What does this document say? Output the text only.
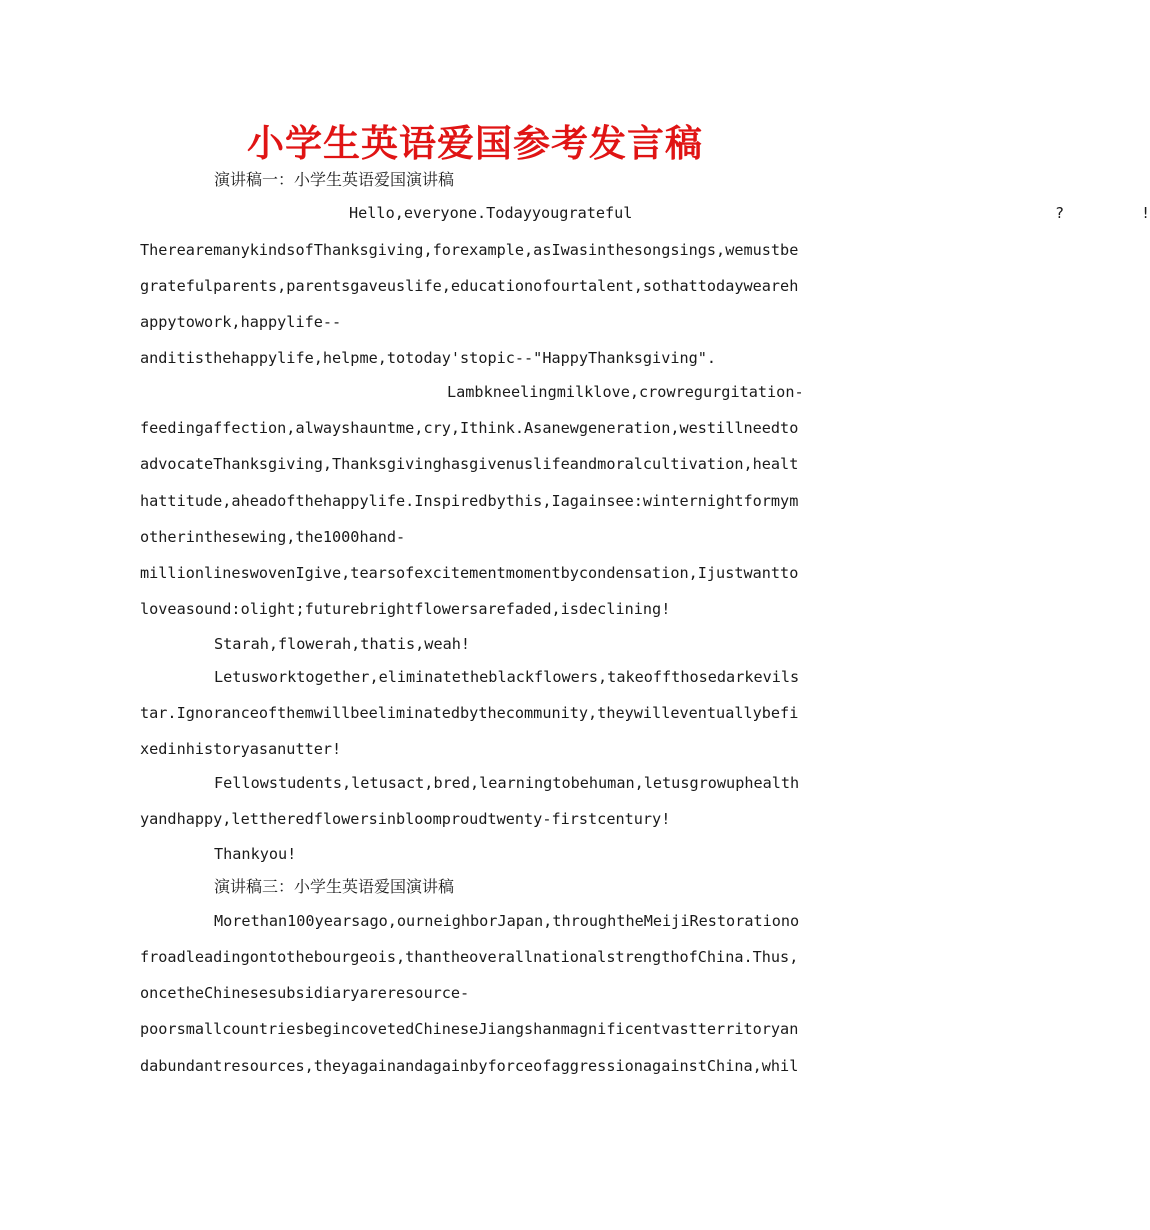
小学生英语爱国参考发言稿
演讲稿一：小学生英语爱国演讲稿
Hello,everyone.Todayyougrateful	?	!
TherearemanykindsofThanksgiving,forexample,asIwasinthesongsings,wemustbe
gratefulparents,parentsgaveuslife,educationofourtalent,sothattodayweareh
appytowork,happylife--
anditisthehappylife,helpme,totoday'stopic--"HappyThanksgiving".
Lambkneelingmilklove,crowregurgitation-
feedingaffection,alwayshauntme,cry,Ithink.Asanewgeneration,westillneedto
advocateThanksgiving,Thanksgivinghasgivenuslifeandmoralcultivation,healt
hattitude,aheadofthehappylife.Inspiredbythis,Iagainsee:winternightformym
otherinthesewing,the1000hand-
millionlineswovenIgive,tearsofexcitementmomentbycondensation,Ijustwantto
loveasound:olight;futurebrightflowersarefaded,isdeclining!
Starah,flowerah,thatis,weah!
Letusworktogether,eliminatetheblackflowers,takeoffthosedarkevils
tar.Ignoranceofthemwillbeeliminatedbythecommunity,theywilleventuallybefi
xedinhistoryasanutter!
Fellowstudents,letusact,bred,learningtobehuman,letusgrowuphealth
yandhappy,lettheredflowersinbloomproudtwenty-firstcentury!
Thankyou!
演讲稿三：小学生英语爱国演讲稿
Morethan100yearsago,ourneighborJapan,throughtheMeijiRestorationo
froadleadingontothebourgeois,thantheoverallnationalstrengthofChina.Thus,
oncetheChinesesubsidiaryareresource-
poorsmallcountriesbegincovetedChineseJiangshanmagnificentvastterritoryan
dabundantresources,theyagainandagainbyforceofaggressionagainstChina,whil
